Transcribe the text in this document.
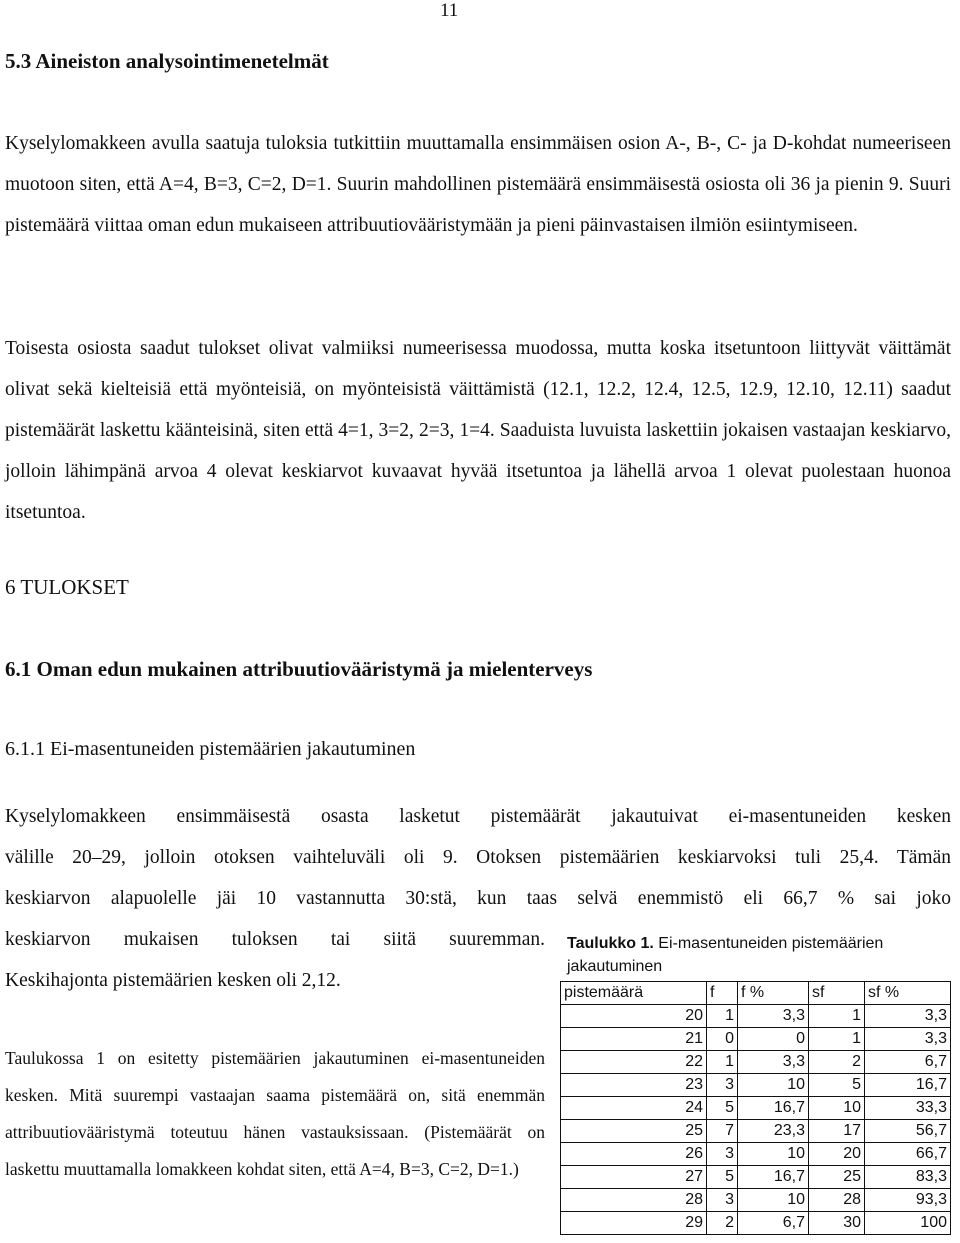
11
5.3 Aineiston analysointimenetelmät

Kyselylomakkeen avulla saatuja tuloksia tutkittiin muuttamalla ensimmäisen osion A-, B-, C- ja D-kohdat numeeriseen muotoon siten, että A=4, B=3, C=2, D=1. Suurin mahdollinen pistemäärä ensimmäisestä osiosta oli 36 ja pienin 9. Suuri pistemäärä viittaa oman edun mukaiseen attribuutiovääristymään ja pieni päinvastaisen ilmiön esiintymiseen.

Toisesta osiosta saadut tulokset olivat valmiiksi numeerisessa muodossa, mutta koska itsetuntoon liittyvät väittämät olivat sekä kielteisiä että myönteisiä, on myönteisistä väittämistä (12.1, 12.2, 12.4, 12.5, 12.9, 12.10, 12.11) saadut pistemäärät laskettu käänteisinä, siten että 4=1, 3=2, 2=3, 1=4. Saaduista luvuista laskettiin jokaisen vastaajan keskiarvo, jolloin lähimpänä arvoa 4 olevat keskiarvot kuvaavat hyvää itsetuntoa ja lähellä arvoa 1 olevat puolestaan huonoa itsetuntoa.

6 TULOKSET
6.1 Oman edun mukainen attribuutiovääristymä ja mielenterveys
6.1.1 Ei-masentuneiden pistemäärien jakautuminen
Kyselylomakkeen ensimmäisestä osasta lasketut pistemäärät jakautuivat ei-masentuneiden kesken
välille 20–29, jolloin otoksen vaihteluväli oli 9. Otoksen pistemäärien keskiarvoksi tuli 25,4. Tämän
keskiarvon alapuolelle jäi 10 vastannutta 30:stä, kun taas selvä enemmistö eli 66,7 % sai joko
keskiarvon mukaisen tuloksen tai siitä suuremman.
Keskihajonta pistemäärien kesken oli 2,12.
Taulukossa 1 on esitetty pistemäärien jakautuminen ei-masentuneiden kesken. Mitä suurempi vastaajan saama pistemäärä on, sitä enemmän attribuutiovääristymä toteutuu hänen vastauksissaan. (Pistemäärät on laskettu muuttamalla lomakkeen kohdat siten, että A=4, B=3, C=2, D=1.)
Taulukko 1. Ei-masentuneiden pistemäärien jakautuminen
pistemäärä	f	f %	sf	sf %
20	1	3,3	1	3,3
21	0	0	1	3,3
22	1	3,3	2	6,7
23	3	10	5	16,7
24	5	16,7	10	33,3
25	7	23,3	17	56,7
26	3	10	20	66,7
27	5	16,7	25	83,3
28	3	10	28	93,3
29	2	6,7	30	100
